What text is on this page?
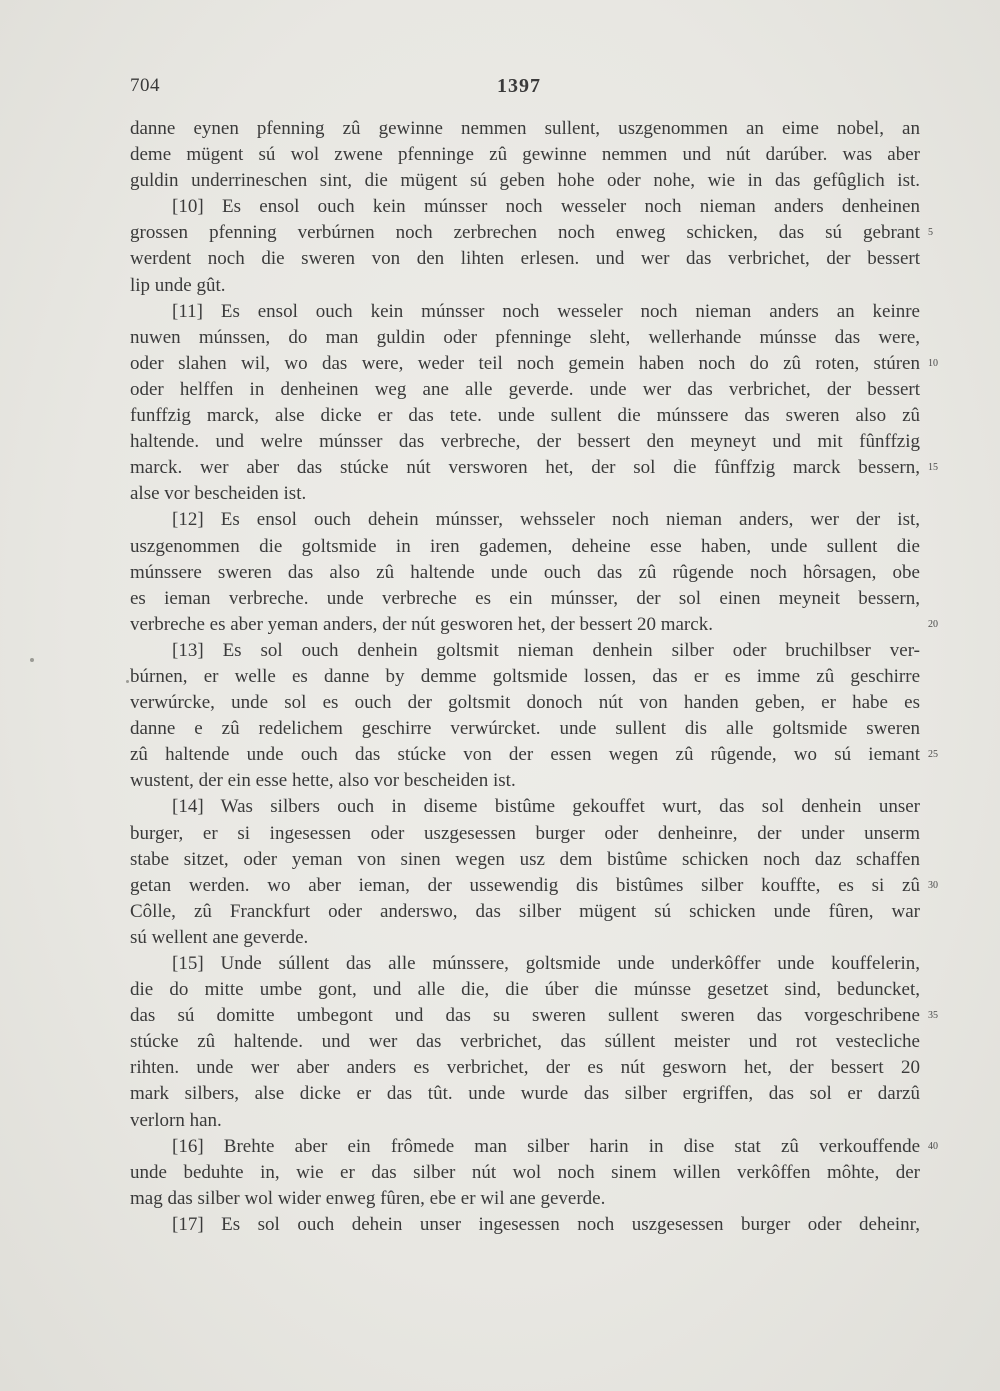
704	1397
danne eynen pfenning zû gewinne nemmen sullent, uszgenommen an eime nobel, an
deme mügent sú wol zwene pfenninge zû gewinne nemmen und nút darúber. was aber
guldin underrineschen sint, die mügent sú geben hohe oder nohe, wie in das gefûglich ist.
[10] Es ensol ouch kein múnsser noch wesseler noch nieman anders denheinen
grossen pfenning verbúrnen noch zerbrechen noch enweg schicken, das sú gebrant
werdent noch die sweren von den lihten erlesen. und wer das verbrichet, der bessert
lip unde gût.
[11] Es ensol ouch kein múnsser noch wesseler noch nieman anders an keinre
nuwen múnssen, do man guldin oder pfenninge sleht, wellerhande múnsse das were,
oder slahen wil, wo das were, weder teil noch gemein haben noch do zû roten, stúren
oder helffen in denheinen weg ane alle geverde. unde wer das verbrichet, der bessert
funffzig marck, alse dicke er das tete. unde sullent die múnssere das sweren also zû
haltende. und welre múnsser das verbreche, der bessert den meyneyt und mit fûnffzig
marck. wer aber das stúcke nút versworen het, der sol die fûnffzig marck bessern,
alse vor bescheiden ist.
[12] Es ensol ouch dehein múnsser, wehsseler noch nieman anders, wer der ist,
uszgenommen die goltsmide in iren gademen, deheine esse haben, unde sullent die
múnssere sweren das also zû haltende unde ouch das zû rûgende noch hôrsagen, obe
es ieman verbreche. unde verbreche es ein múnsser, der sol einen meyneit bessern,
verbreche es aber yeman anders, der nút gesworen het, der bessert 20 marck.
[13] Es sol ouch denhein goltsmit nieman denhein silber oder bruchilbser ver-
búrnen, er welle es danne by demme goltsmide lossen, das er es imme zû geschirre
verwúrcke, unde sol es ouch der goltsmit donoch nút von handen geben, er habe es
danne e zû redelichem geschirre verwúrcket. unde sullent dis alle goltsmide sweren
zû haltende unde ouch das stúcke von der essen wegen zû rûgende, wo sú iemant
wustent, der ein esse hette, also vor bescheiden ist.
[14] Was silbers ouch in diseme bistûme gekouffet wurt, das sol denhein unser
burger, er si ingesessen oder uszgesessen burger oder denheinre, der under unserm
stabe sitzet, oder yeman von sinen wegen usz dem bistûme schicken noch daz schaffen
getan werden. wo aber ieman, der ussewendig dis bistûmes silber kouffte, es si zû
Côlle, zû Franckfurt oder anderswo, das silber mügent sú schicken unde fûren, war
sú wellent ane geverde.
[15] Unde súllent das alle múnssere, goltsmide unde underkôffer unde kouffelerin,
die do mitte umbe gont, und alle die, die úber die múnsse gesetzet sind, beduncket,
das sú domitte umbegont und das su sweren sullent sweren das vorgeschribene
stúcke zû haltende. und wer das verbrichet, das súllent meister und rot vestecliche
rihten. unde wer aber anders es verbrichet, der es nút gesworn het, der bessert 20
mark silbers, alse dicke er das tût. unde wurde das silber ergriffen, das sol er darzû
verlorn han.
[16] Brehte aber ein frômede man silber harin in dise stat zû verkouffende
unde beduhte in, wie er das silber nút wol noch sinem willen verkôffen môhte, der
mag das silber wol wider enweg fûren, ebe er wil ane geverde.
[17] Es sol ouch dehein unser ingesessen noch uszgesessen burger oder deheinr,
5
10
15
20
25
30
35
40
